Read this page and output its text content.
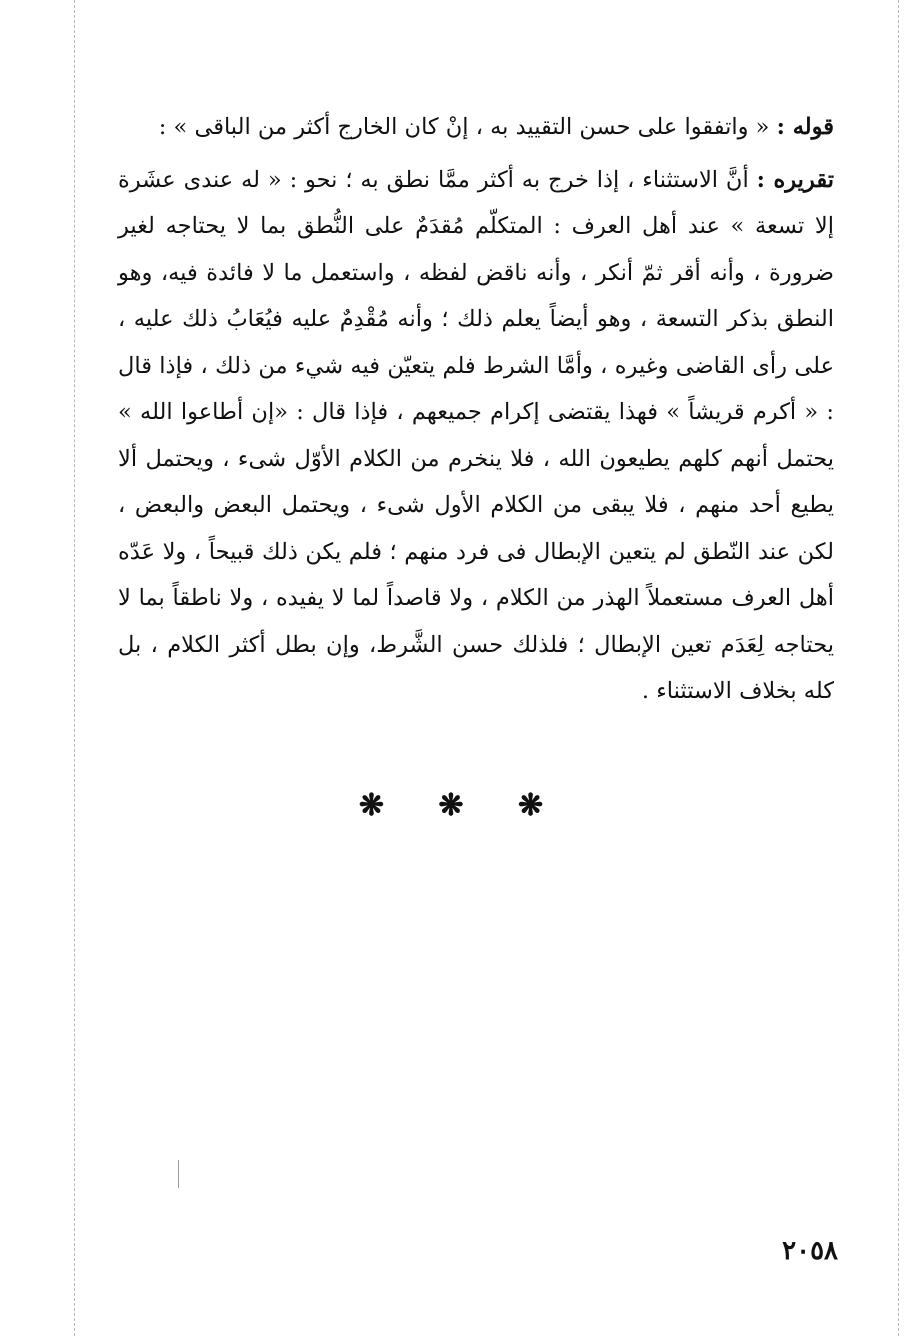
قوله : « واتفقوا على حسن التقييد به ، إنْ كان الخارج أكثر من الباقى » :

تقريره : أنَّ الاستثناء ، إذا خرج به أكثر ممَّا نطق به ؛ نحو : « له عندى عشَرة إلا تسعة » عند أهل العرف : المتكلّم مُقدَمٌ على النُّطق بما لا يحتاجه لغير ضرورة ، وأنه أقر ثمّ أنكر ، وأنه ناقض لفظه ، واستعمل ما لا فائدة فيه، وهو النطق بذكر التسعة ، وهو أيضاً يعلم ذلك ؛ وأنه مُقْدِمٌ عليه فيُعَابُ ذلك عليه ، على رأى القاضى وغيره ، وأمَّا الشرط فلم يتعيّن فيه شيء من ذلك ، فإذا قال : « أكرم قريشاً » فهذا يقتضى إكرام جميعهم ، فإذا قال : «إن أطاعوا الله » يحتمل أنهم كلهم يطيعون الله ، فلا ينخرم من الكلام الأوّل شىء ، ويحتمل ألا يطيع أحد منهم ، فلا يبقى من الكلام الأول شىء ، ويحتمل البعض والبعض ، لكن عند النّطق لم يتعين الإبطال فى فرد منهم ؛ فلم يكن ذلك قبيحاً ، ولا عَدّه أهل العرف مستعملاً الهذر من الكلام ، ولا قاصداً لما لا يفيده ، ولا ناطقاً بما لا يحتاجه لِعَدَم تعين الإبطال ؛ فلذلك حسن الشَّرط، وإن بطل أكثر الكلام ، بل كله بخلاف الاستثناء .

❋ ❋ ❋
٢٠٥٨
